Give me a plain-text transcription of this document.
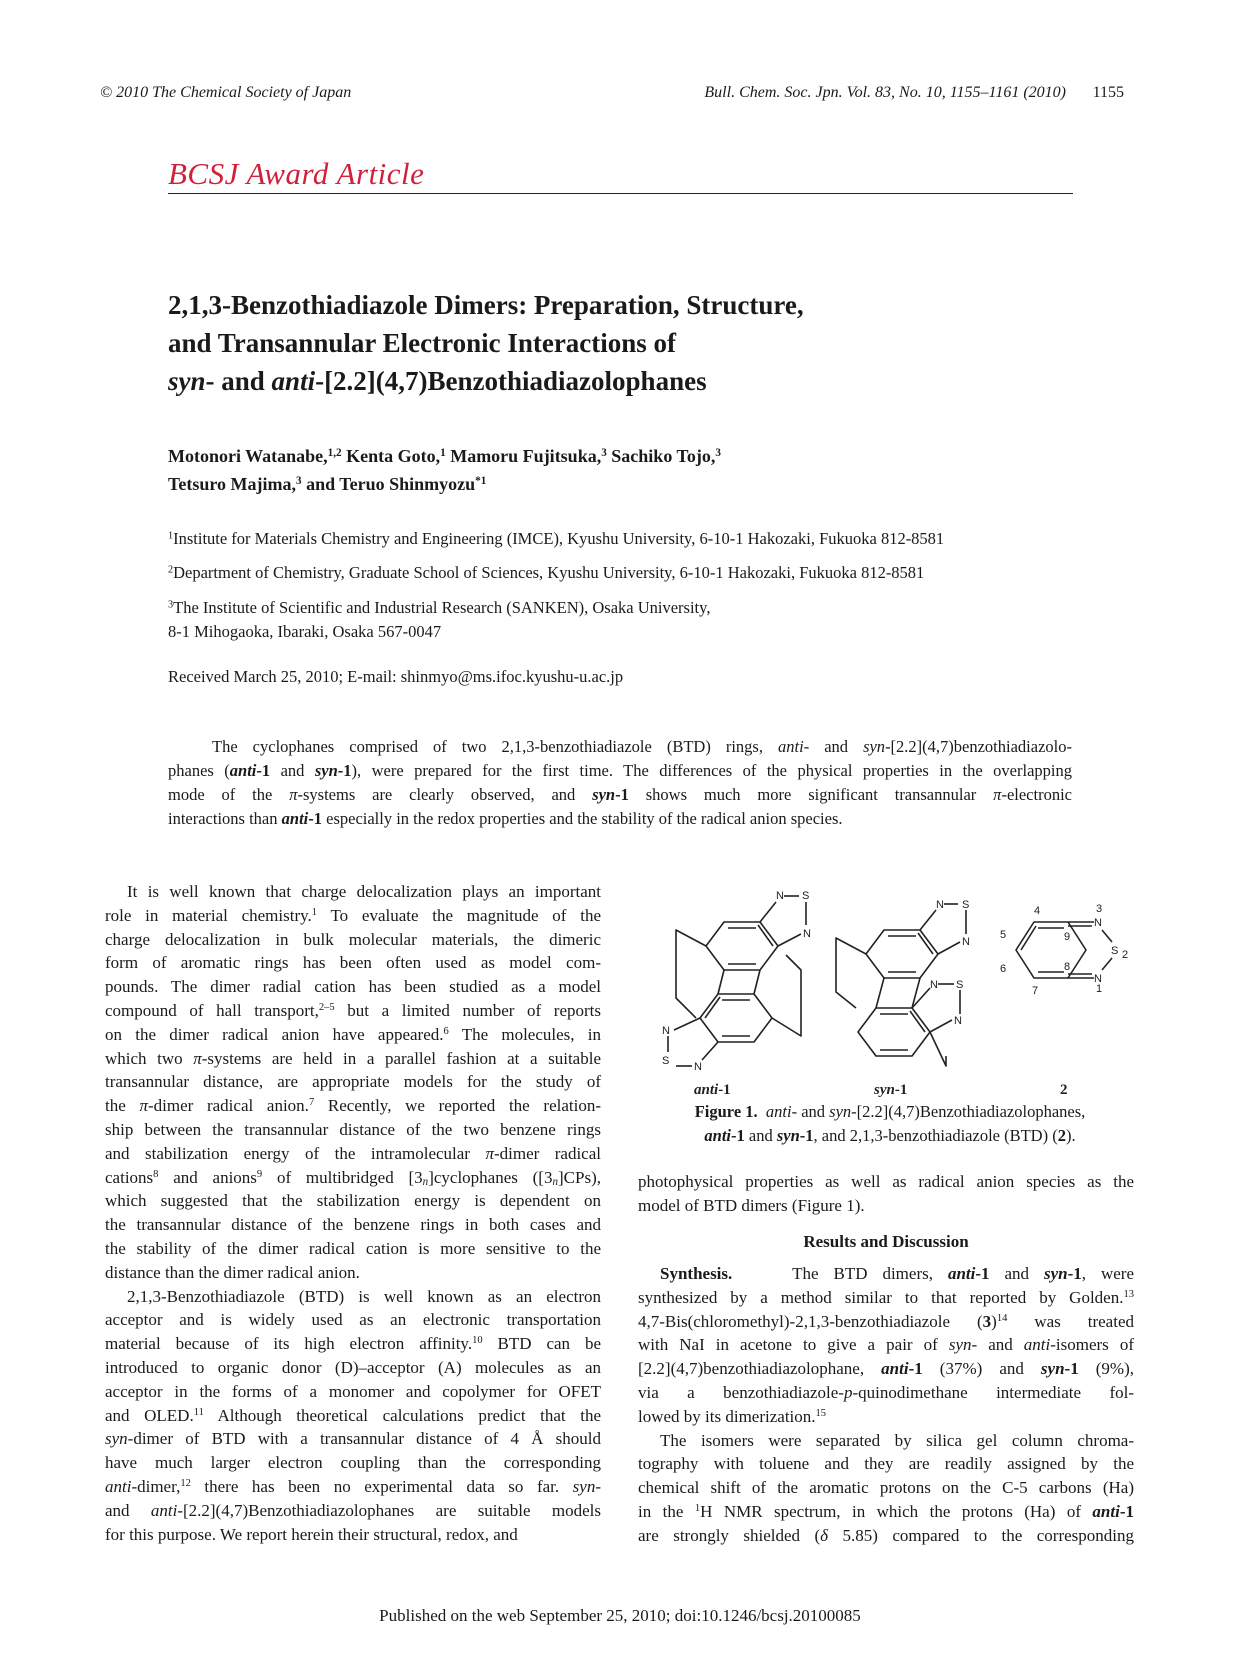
© 2010 The Chemical Society of Japan	Bull. Chem. Soc. Jpn. Vol. 83, No. 10, 1155–1161 (2010) 1155
BCSJ Award Article
2,1,3-Benzothiadiazole Dimers: Preparation, Structure,
and Transannular Electronic Interactions of
syn- and anti-[2.2](4,7)Benzothiadiazolophanes
Motonori Watanabe,$^{1,2}$ Kenta Goto,$^1$ Mamoru Fujitsuka,$^3$ Sachiko Tojo,$^3$
Tetsuro Majima,$^3$ and Teruo Shinmyozu$^{*1}$
$^1$Institute for Materials Chemistry and Engineering (IMCE), Kyushu University, 6-10-1 Hakozaki, Fukuoka 812-8581
$^2$Department of Chemistry, Graduate School of Sciences, Kyushu University, 6-10-1 Hakozaki, Fukuoka 812-8581
$^3$The Institute of Scientific and Industrial Research (SANKEN), Osaka University,
8-1 Mihogaoka, Ibaraki, Osaka 567-0047
Received March 25, 2010; E-mail: shinmyo@ms.ifoc.kyushu-u.ac.jp
The cyclophanes comprised of two 2,1,3-benzothiadiazole (BTD) rings, anti- and syn-[2.2](4,7)benzothiadiazolo-
phanes (anti-1 and syn-1), were prepared for the first time. The differences of the physical properties in the overlapping
mode of the π-systems are clearly observed, and syn-1 shows much more significant transannular π-electronic
interactions than anti-1 especially in the redox properties and the stability of the radical anion species.
It is well known that charge delocalization plays an important
role in material chemistry.$^1$ To evaluate the magnitude of the
charge delocalization in bulk molecular materials, the dimeric
form of aromatic rings has been often used as model com-
pounds. The dimer radial cation has been studied as a model
compound of hall transport,$^{2-5}$ but a limited number of reports
on the dimer radical anion have appeared.$^6$ The molecules, in
which two π-systems are held in a parallel fashion at a suitable
transannular distance, are appropriate models for the study of
the π-dimer radical anion.$^7$ Recently, we reported the relation-
ship between the transannular distance of the two benzene rings
and stabilization energy of the intramolecular π-dimer radical
cations$^8$ and anions$^9$ of multibridged $[3_n]cyclophanes$ $([3_n]CPs)$,
which suggested that the stabilization energy is dependent on
the transannular distance of the benzene rings in both cases and
the stability of the dimer radical cation is more sensitive to the
distance than the dimer radical anion.
2,1,3-Benzothiadiazole (BTD) is well known as an electron
acceptor and is widely used as an electronic transportation
material because of its high electron affinity.$^{10}$ BTD can be
introduced to organic donor (D)–acceptor (A) molecules as an
acceptor in the forms of a monomer and copolymer for OFET
and OLED.$^{11}$ Although theoretical calculations predict that the
syn-dimer of BTD with a transannular distance of 4 Å should
have much larger electron coupling than the corresponding
anti-dimer,$^{12}$ there has been no experimental data so far. syn-
and anti-[2.2](4,7)Benzothiadiazolophanes are suitable models
for this purpose. We report herein their structural, redox, and
N S
N
N
S N
N S
N
N S
N
N
S
N
1
2
3
4
5
6
7
8
9
anti-1	syn-1	2
Figure 1. anti- and syn-[2.2](4,7)Benzothiadiazolophanes,
anti-1 and syn-1, and 2,1,3-benzothiadiazole (BTD) (2).
photophysical properties as well as radical anion species as the
model of BTD dimers (Figure 1).
Results and Discussion
Synthesis.	The BTD dimers, anti-1 and syn-1, were
synthesized by a method similar to that reported by Golden.$^{13}$
4,7-Bis(chloromethyl)-2,1,3-benzothiadiazole $(3)^{14}$ was treated
with NaI in acetone to give a pair of syn- and anti-isomers of
[2.2](4,7)benzothiadiazolophane, anti-1 (37%) and syn-1 (9%),
via a benzothiadiazole-p-quinodimethane intermediate fol-
lowed by its dimerization.$^{15}$
The isomers were separated by silica gel column chroma-
tography with toluene and they are readily assigned by the
chemical shift of the aromatic protons on the C-5 carbons (Ha)
in the $^1$H NMR spectrum, in which the protons (Ha) of anti-1
are strongly shielded (δ 5.85) compared to the corresponding
Published on the web September 25, 2010; doi:10.1246/bcsj.20100085
